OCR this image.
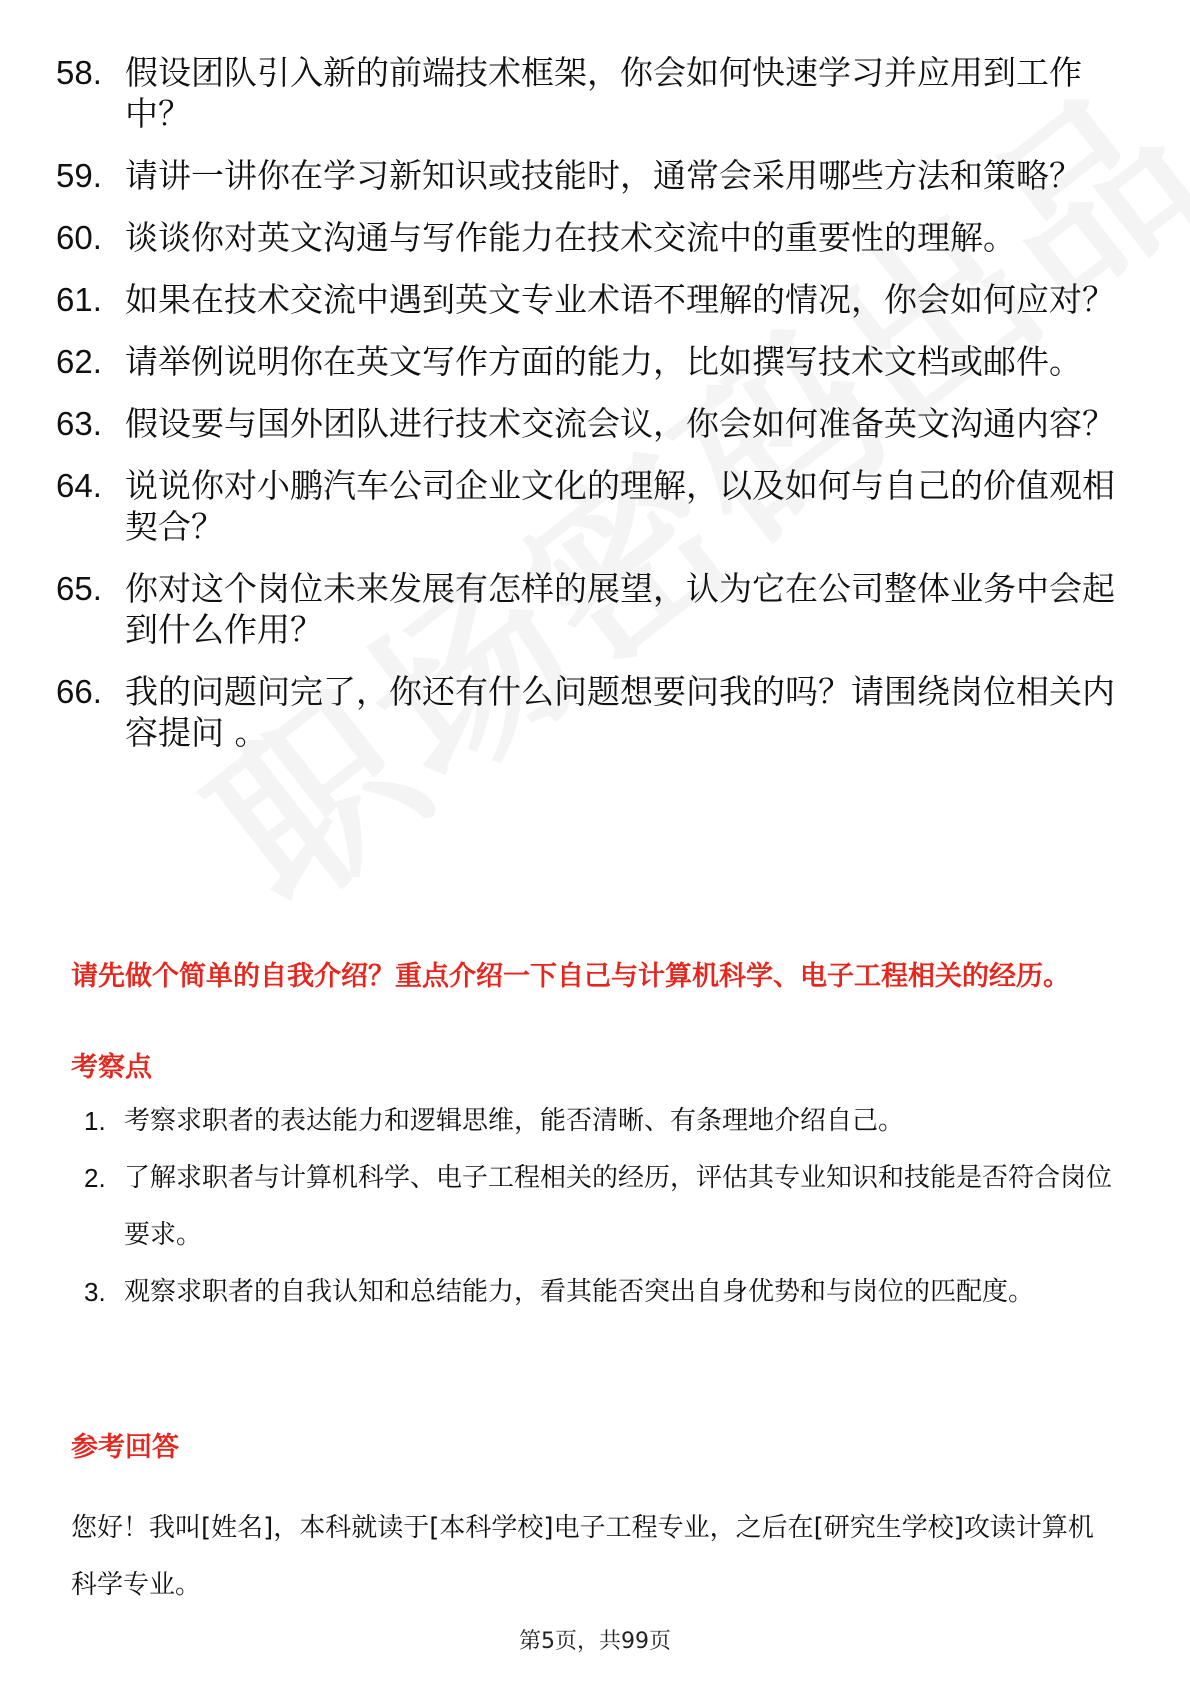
58. 假设团队引入新的前端技术框架，你会如何快速学习并应用到工作中？
59. 请讲一讲你在学习新知识或技能时，通常会采用哪些方法和策略？
60. 谈谈你对英文沟通与写作能力在技术交流中的重要性的理解。
61. 如果在技术交流中遇到英文专业术语不理解的情况，你会如何应对？
62. 请举例说明你在英文写作方面的能力，比如撰写技术文档或邮件。
63. 假设要与国外团队进行技术交流会议，你会如何准备英文沟通内容？
64. 说说你对小鹏汽车公司企业文化的理解，以及如何与自己的价值观相契合？
65. 你对这个岗位未来发展有怎样的展望，认为它在公司整体业务中会起到什么作用？
66. 我的问题问完了，你还有什么问题想要问我的吗？请围绕岗位相关内容提问 。
请先做个简单的自我介绍？重点介绍一下自己与计算机科学、电子工程相关的经历。
考察点
1. 考察求职者的表达能力和逻辑思维，能否清晰、有条理地介绍自己。
2. 了解求职者与计算机科学、电子工程相关的经历，评估其专业知识和技能是否符合岗位要求。
3. 观察求职者的自我认知和总结能力，看其能否突出自身优势和与岗位的匹配度。
参考回答

您好！我叫[姓名]，本科就读于[本科学校]电子工程专业，之后在[研究生学校]攻读计算机科学专业。

第5页，共99页
